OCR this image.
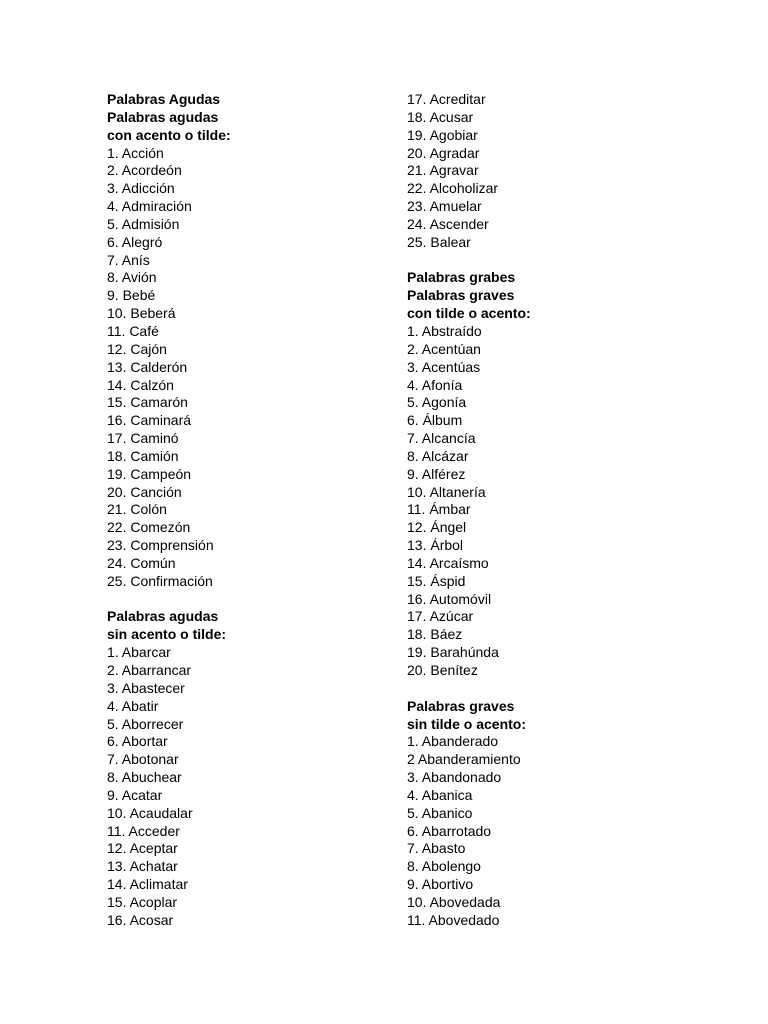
Palabras Agudas
Palabras agudas
con acento o tilde:
1. Acción
2. Acordeón
3. Adicción
4. Admiración
5. Admisión
6. Alegró
7. Anís
8. Avión
9. Bebé
10. Beberá
11. Café
12. Cajón
13. Calderón
14. Calzón
15. Camarón
16. Caminará
17. Caminó
18. Camión
19. Campeón
20. Canción
21. Colón
22. Comezón
23. Comprensión
24. Común
25. Confirmación
Palabras agudas
sin acento o tilde:
1. Abarcar
2. Abarrancar
3. Abastecer
4. Abatir
5. Aborrecer
6. Abortar
7. Abotonar
8. Abuchear
9. Acatar
10. Acaudalar
11. Acceder
12. Aceptar
13. Achatar
14. Aclimatar
15. Acoplar
16. Acosar
17. Acreditar
18. Acusar
19. Agobiar
20. Agradar
21. Agravar
22. Alcoholizar
23. Amuelar
24. Ascender
25. Balear
Palabras grabes
Palabras graves
con tilde o acento:
1. Abstraído
2. Acentúan
3. Acentúas
4. Afonía
5. Agonía
6. Álbum
7. Alcancía
8. Alcázar
9. Alférez
10. Altanería
11. Ámbar
12. Ángel
13. Árbol
14. Arcaísmo
15. Áspid
16. Automóvil
17. Azúcar
18. Báez
19. Barahúnda
20. Benítez
Palabras graves
sin tilde o acento:
1. Abanderado
2 Abanderamiento
3. Abandonado
4. Abanica
5. Abanico
6. Abarrotado
7. Abasto
8. Abolengo
9. Abortivo
10. Abovedada
11. Abovedado
